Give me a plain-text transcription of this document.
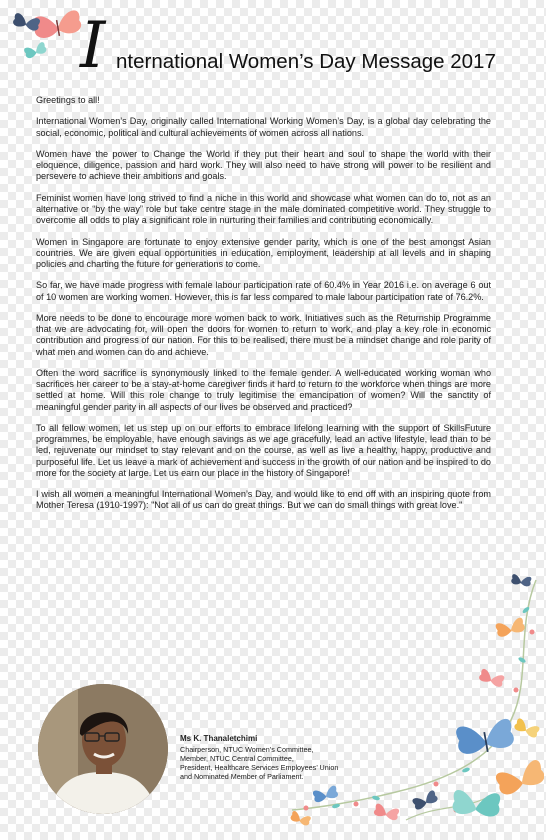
I nternational Women’s Day Message 2017

Greetings to all!

International Women’s Day, originally called International Working Women’s Day, is a global day celebrating the social, economic, political and cultural achievements of women across all nations.

Women have the power to Change the World if they put their heart and soul to shape the world with their eloquence, diligence, passion and hard work. They will also need to have strong will power to be resilient and persevere to achieve their ambitions and goals.

Feminist women have long strived to find a niche in this world and showcase what women can do to, not as an alternative or “by the way” role but take centre stage in the male dominated competitive world. They struggle to overcome all odds to play a significant role in nurturing their families and contributing economically.

Women in Singapore are fortunate to enjoy extensive gender parity, which is one of the best amongst Asian countries. We are given equal opportunities in education, employment, leadership at all levels and in shaping policies and charting the future for generations to come.

So far, we have made progress with female labour participation rate of 60.4% in Year 2016 i.e. on average 6 out of 10 women are working women. However, this is far less compared to male labour participation rate of 76.2%.

More needs to be done to encourage more women back to work. Initiatives such as the Returnship Programme that we are advocating for, will open the doors for women to return to work, and play a key role in economic contribution and progress of our nation. For this to be realised, there must be a mindset change and role parity of what men and women can do and achieve.

Often the word sacrifice is synonymously linked to the female gender. A well-educated working woman who sacrifices her career to be a stay-at-home caregiver finds it hard to return to the workforce when things are more settled at home. Will this role change to truly legitimise the emancipation of women? Will the sanctity of meaningful gender parity in all aspects of our lives be observed and practiced?

To all fellow women, let us step up on our efforts to embrace lifelong learning with the support of SkillsFuture programmes, be employable, have enough savings as we age gracefully, lead an active lifestyle, lead than to be led, rejuvenate our mindset to stay relevant and on the course, as well as live a healthy, happy, productive and purposeful life. Let us leave a mark of achievement and success in the growth of our nation and be inspired to do more for the society at large. Let us earn our place in the history of Singapore!

I wish all women a meaningful International Women’s Day, and would like to end off with an inspiring quote from Mother Teresa (1910-1997): "Not all of us can do great things. But we can do small things with great love."

Ms K. Thanaletchimi
Chairperson, NTUC Women’s Committee,
Member, NTUC Central Committee,
President, Healthcare Services Employees’ Union
and Nominated Member of Parliament.
